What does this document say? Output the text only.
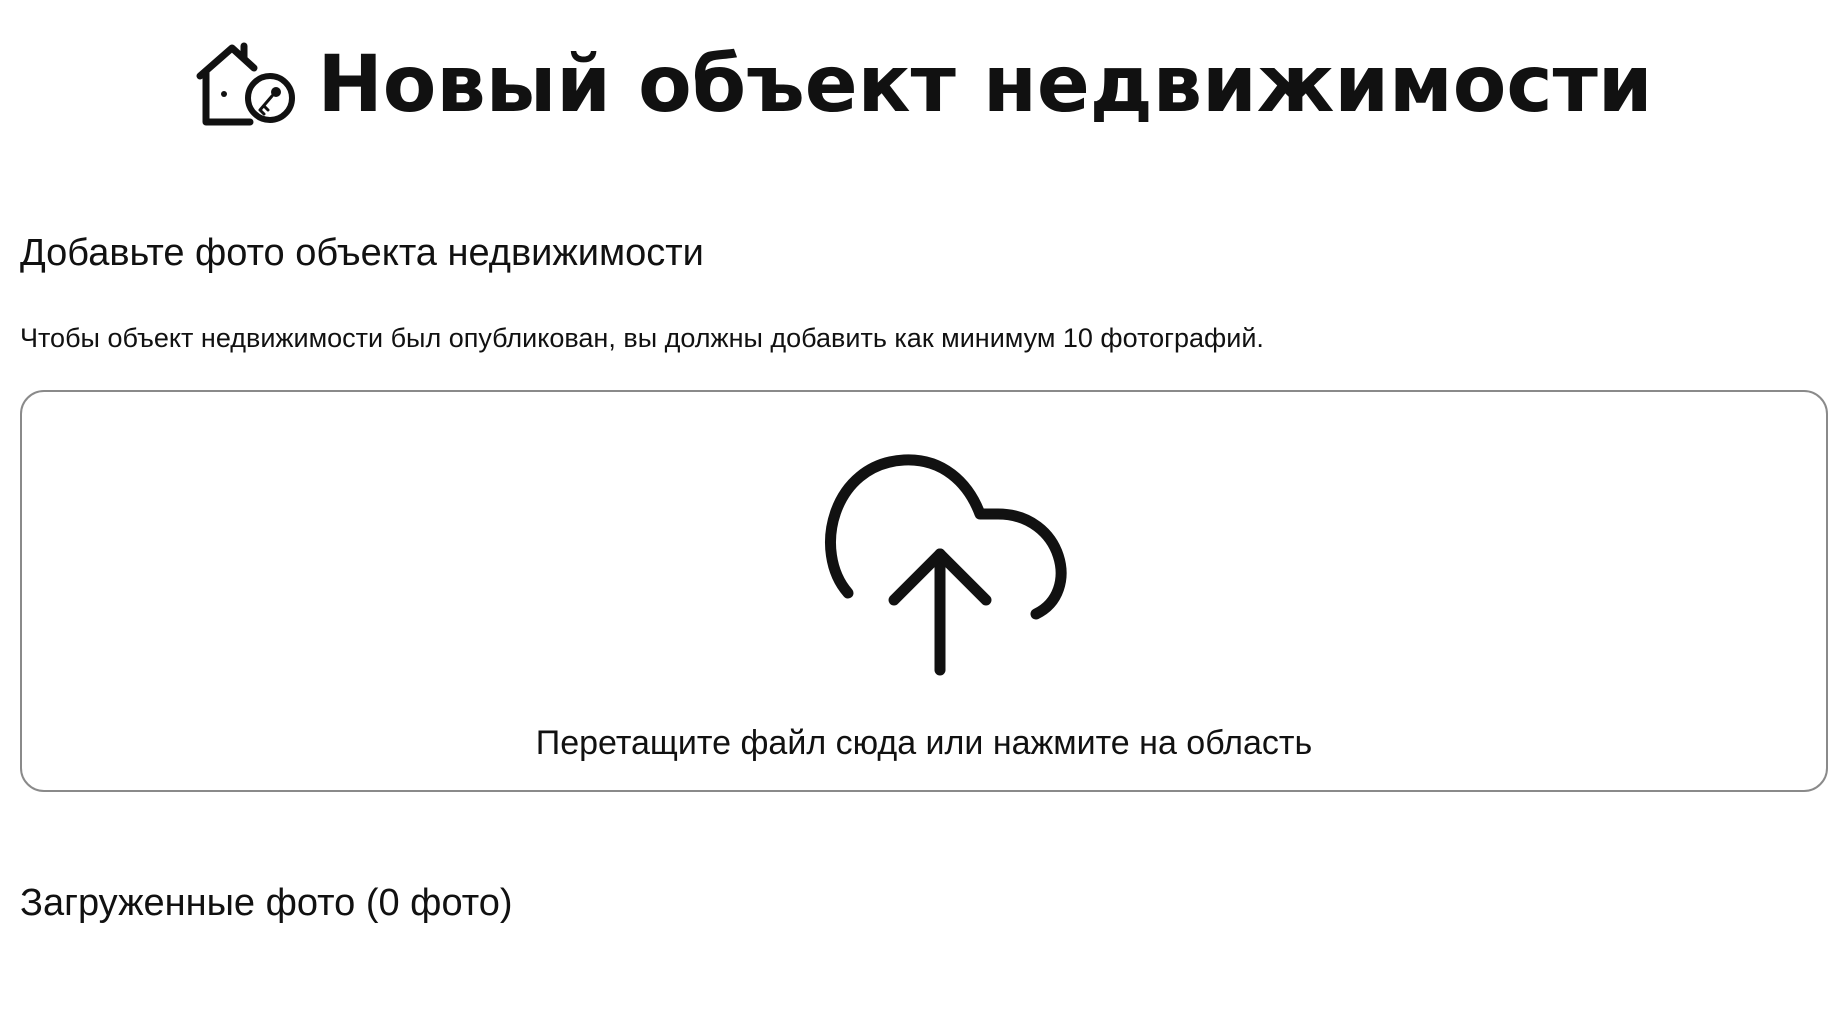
Новый объект недвижимости
Добавьте фото объекта недвижимости
Чтобы объект недвижимости был опубликован, вы должны добавить как минимум 10 фотографий.
Перетащите файл сюда или нажмите на область
Загруженные фото (0 фото)
